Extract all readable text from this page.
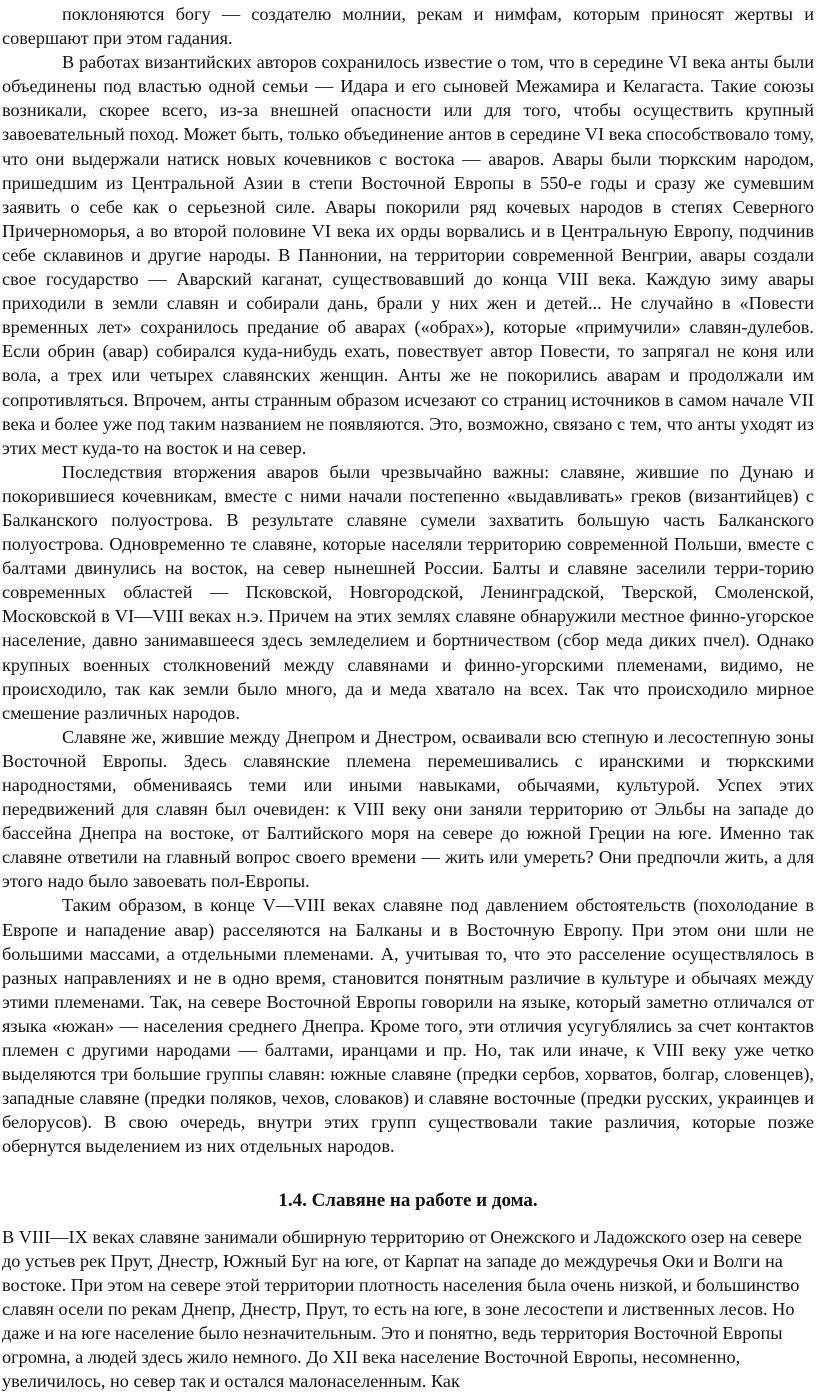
поклоняются богу — создателю молнии, рекам и нимфам, которым приносят жертвы и совершают при этом гадания.

В работах византийских авторов сохранилось известие о том, что в середине VI века анты были объединены под властью одной семьи — Идара и его сыновей Межамира и Келагаста. Такие союзы возникали, скорее всего, из-за внешней опасности или для того, чтобы осуществить крупный завоевательный поход. Может быть, только объединение антов в середине VI века способствовало тому, что они выдержали натиск новых кочевников с востока — аваров. Авары были тюркским народом, пришедшим из Центральной Азии в степи Восточной Европы в 550-е годы и сразу же сумевшим заявить о себе как о серьезной силе. Авары покорили ряд кочевых народов в степях Северного Причерноморья, а во второй половине VI века их орды ворвались и в Центральную Европу, подчинив себе склавинов и другие народы. В Паннонии, на территории современной Венгрии, авары создали свое государство — Аварский каганат, существовавший до конца VIII века. Каждую зиму авары приходили в земли славян и собирали дань, брали у них жен и детей... Не случайно в «Повести временных лет» сохранилось предание об аварах («обрах»), которые «примучили» славян-дулебов. Если обрин (авар) собирался куда-нибудь ехать, повествует автор Повести, то запрягал не коня или вола, а трех или четырех славянских женщин. Анты же не покорились аварам и продолжали им сопротивляться. Впрочем, анты странным образом исчезают со страниц источников в самом начале VII века и более уже под таким названием не появляются. Это, возможно, связано с тем, что анты уходят из этих мест куда-то на восток и на север.

Последствия вторжения аваров были чрезвычайно важны: славяне, жившие по Дунаю и покорившиеся кочевникам, вместе с ними начали постепенно «выдавливать» греков (византийцев) с Балканского полуострова. В результате славяне сумели захватить большую часть Балканского полуострова. Одновременно те славяне, которые населяли территорию современной Польши, вместе с балтами двинулись на восток, на север нынешней России. Балты и славяне заселили терри-торию современных областей — Псковской, Новгородской, Ленинградской, Тверской, Смоленской, Московской в VI—VIII веках н.э. Причем на этих землях славяне обнаружили местное финно-угорское население, давно занимавшееся здесь земледелием и бортничеством (сбор меда диких пчел). Однако крупных военных столкновений между славянами и финно-угорскими племенами, видимо, не происходило, так как земли было много, да и меда хватало на всех. Так что происходило мирное смешение различных народов.

Славяне же, жившие между Днепром и Днестром, осваивали всю степную и лесостепную зоны Восточной Европы. Здесь славянские племена перемешивались с иранскими и тюркскими народностями, обмениваясь теми или иными навыками, обычаями, культурой. Успех этих передвижений для славян был очевиден: к VIII веку они заняли территорию от Эльбы на западе до бассейна Днепра на востоке, от Балтийского моря на севере до южной Греции на юге. Именно так славяне ответили на главный вопрос своего времени — жить или умереть? Они предпочли жить, а для этого надо было завоевать пол-Европы.

Таким образом, в конце V—VIII веках славяне под давлением обстоятельств (похолодание в Европе и нападение авар) расселяются на Балканы и в Восточную Европу. При этом они шли не большими массами, а отдельными племенами. А, учитывая то, что это расселение осуществлялось в разных направлениях и не в одно время, становится понятным различие в культуре и обычаях между этими племенами. Так, на севере Восточной Европы говорили на языке, который заметно отличался от языка «южан» — населения среднего Днепра. Кроме того, эти отличия усугублялись за счет контактов племен с другими народами — балтами, иранцами и пр. Но, так или иначе, к VIII веку уже четко выделяются три большие группы славян: южные славяне (предки сербов, хорватов, болгар, словенцев), западные славяне (предки поляков, чехов, словаков) и славяне восточные (предки русских, украинцев и белорусов). В свою очередь, внутри этих групп существовали такие различия, которые позже обернутся выделением из них отдельных народов.

1.4. Славяне на работе и дома.

В VIII—IX веках славяне занимали обширную территорию от Онежского и Ладожского озер на севере до устьев рек Прут, Днестр, Южный Буг на юге, от Карпат на западе до междуречья Оки и Волги на востоке. При этом на севере этой территории плотность населения была очень низкой, и большинство славян осели по рекам Днепр, Днестр, Прут, то есть на юге, в зоне лесостепи и лиственных лесов. Но даже и на юге население было незначительным. Это и понятно, ведь территория Восточной Европы огромна, а людей здесь жило немного. До XII века население Восточной Европы, несомненно, увеличилось, но север так и остался малонаселенным. Как
